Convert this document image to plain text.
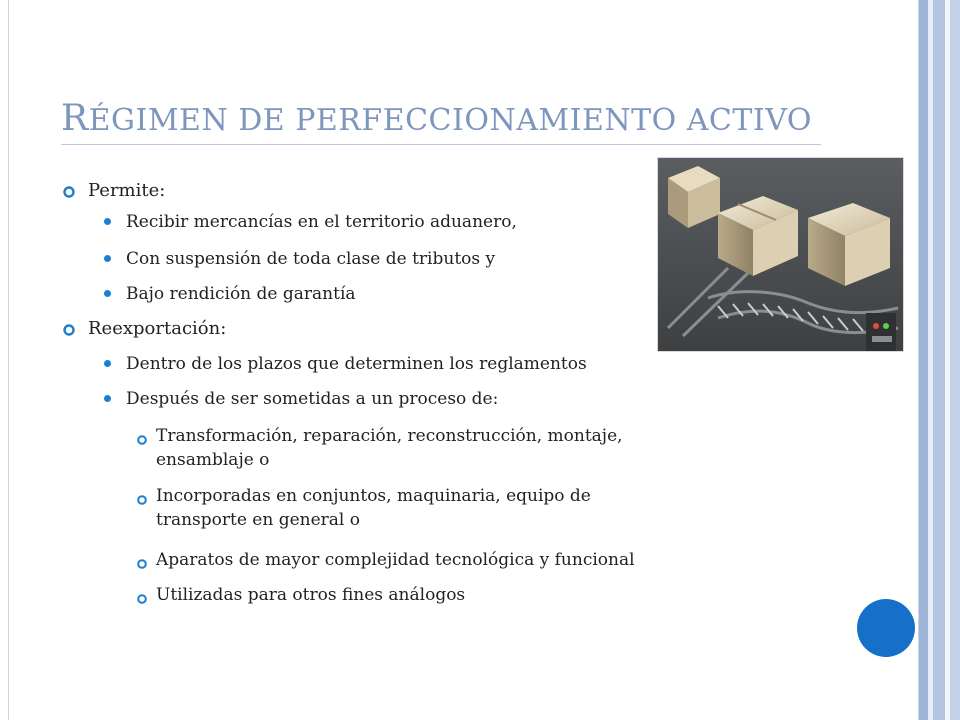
RÉGIMEN DE PERFECCIONAMIENTO ACTIVO
Permite:
Recibir mercancías en el territorio aduanero,
Con suspensión de toda clase de tributos y
Bajo rendición de garantía
Reexportación:
Dentro de los plazos que determinen los reglamentos
Después de ser sometidas a un proceso de:
Transformación, reparación, reconstrucción, montaje,
ensamblaje o
Incorporadas en conjuntos, maquinaria, equipo de
transporte en general o
Aparatos de mayor complejidad tecnológica y funcional
Utilizadas para otros fines análogos
